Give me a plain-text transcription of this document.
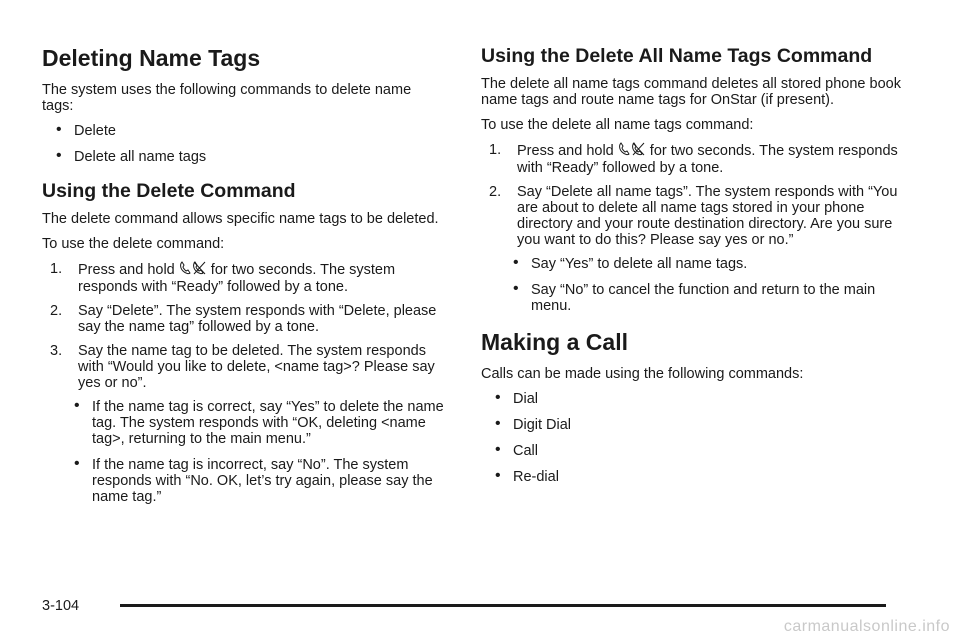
Deleting Name Tags

The system uses the following commands to delete name tags:

• Delete
• Delete all name tags
Using the Delete Command

The delete command allows specific name tags to be deleted.

To use the delete command:

1. Press and hold for two seconds. The system responds with “Ready” followed by a tone.
2. Say “Delete”. The system responds with “Delete, please say the name tag” followed by a tone.
3. Say the name tag to be deleted. The system responds with “Would you like to delete, <name tag>? Please say yes or no”.
• If the name tag is correct, say “Yes” to delete the name tag. The system responds with “OK, deleting <name tag>, returning to the main menu.”
• If the name tag is incorrect, say “No”. The system responds with “No. OK, let’s try again, please say the name tag.”
Using the Delete All Name Tags Command

The delete all name tags command deletes all stored phone book name tags and route name tags for OnStar (if present).

To use the delete all name tags command:

1. Press and hold for two seconds. The system responds with “Ready” followed by a tone.
2. Say “Delete all name tags”. The system responds with “You are about to delete all name tags stored in your phone directory and your route destination directory. Are you sure you want to do this? Please say yes or no.”
• Say “Yes” to delete all name tags.
• Say “No” to cancel the function and return to the main menu.
Making a Call

Calls can be made using the following commands:

• Dial
• Digit Dial
• Call
• Re-dial
3-104
carmanualsonline.info
